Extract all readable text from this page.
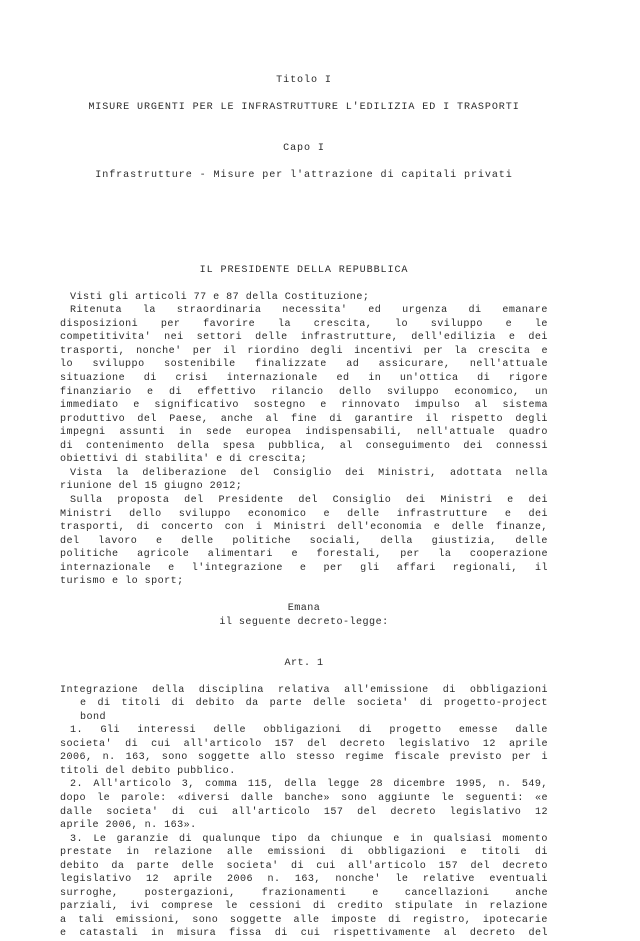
Titolo I
MISURE URGENTI PER LE INFRASTRUTTURE L'EDILIZIA ED I TRASPORTI
Capo I
Infrastrutture - Misure per l'attrazione di capitali privati
IL PRESIDENTE DELLA REPUBBLICA
Visti gli articoli 77 e 87 della Costituzione;
Ritenuta la straordinaria necessita' ed urgenza di emanare
disposizioni per favorire la crescita, lo sviluppo e le
competitivita' nei settori delle infrastrutture, dell'edilizia e dei
trasporti, nonche' per il riordino degli incentivi per la crescita e
lo sviluppo sostenibile finalizzate ad assicurare, nell'attuale
situazione di crisi internazionale ed in un'ottica di rigore
finanziario e di effettivo rilancio dello sviluppo economico, un
immediato e significativo sostegno e rinnovato impulso al sistema
produttivo del Paese, anche al fine di garantire il rispetto degli
impegni assunti in sede europea indispensabili, nell'attuale quadro
di contenimento della spesa pubblica, al conseguimento dei connessi
obiettivi di stabilita' e di crescita;
Vista la deliberazione del Consiglio dei Ministri, adottata nella
riunione del 15 giugno 2012;
Sulla proposta del Presidente del Consiglio dei Ministri e dei
Ministri dello sviluppo economico e delle infrastrutture e dei
trasporti, di concerto con i Ministri dell'economia e delle finanze,
del lavoro e delle politiche sociali, della giustizia, delle
politiche agricole alimentari e forestali, per la cooperazione
internazionale e l'integrazione e per gli affari regionali, il
turismo e lo sport;
Emana
il seguente decreto-legge:
Art. 1
Integrazione della disciplina relativa all'emissione di obbligazioni
e di titoli di debito da parte delle societa' di progetto-project
bond
1. Gli interessi delle obbligazioni di progetto emesse dalle
societa' di cui all'articolo 157 del decreto legislativo 12 aprile
2006, n. 163, sono soggette allo stesso regime fiscale previsto per i
titoli del debito pubblico.
2. All'articolo 3, comma 115, della legge 28 dicembre 1995, n. 549,
dopo le parole: «diversi dalle banche» sono aggiunte le seguenti: «e
dalle societa' di cui all'articolo 157 del decreto legislativo 12
aprile 2006, n. 163».
3. Le garanzie di qualunque tipo da chiunque e in qualsiasi momento
prestate in relazione alle emissioni di obbligazioni e titoli di
debito da parte delle societa' di cui all'articolo 157 del decreto
legislativo 12 aprile 2006 n. 163, nonche' le relative eventuali
surroghe,	postergazioni,	frazionamenti	e	cancellazioni	anche
parziali, ivi comprese le cessioni di credito stipulate in relazione
a tali emissioni, sono soggette alle imposte di registro, ipotecarie
e catastali in misura fissa di cui rispettivamente al decreto del
